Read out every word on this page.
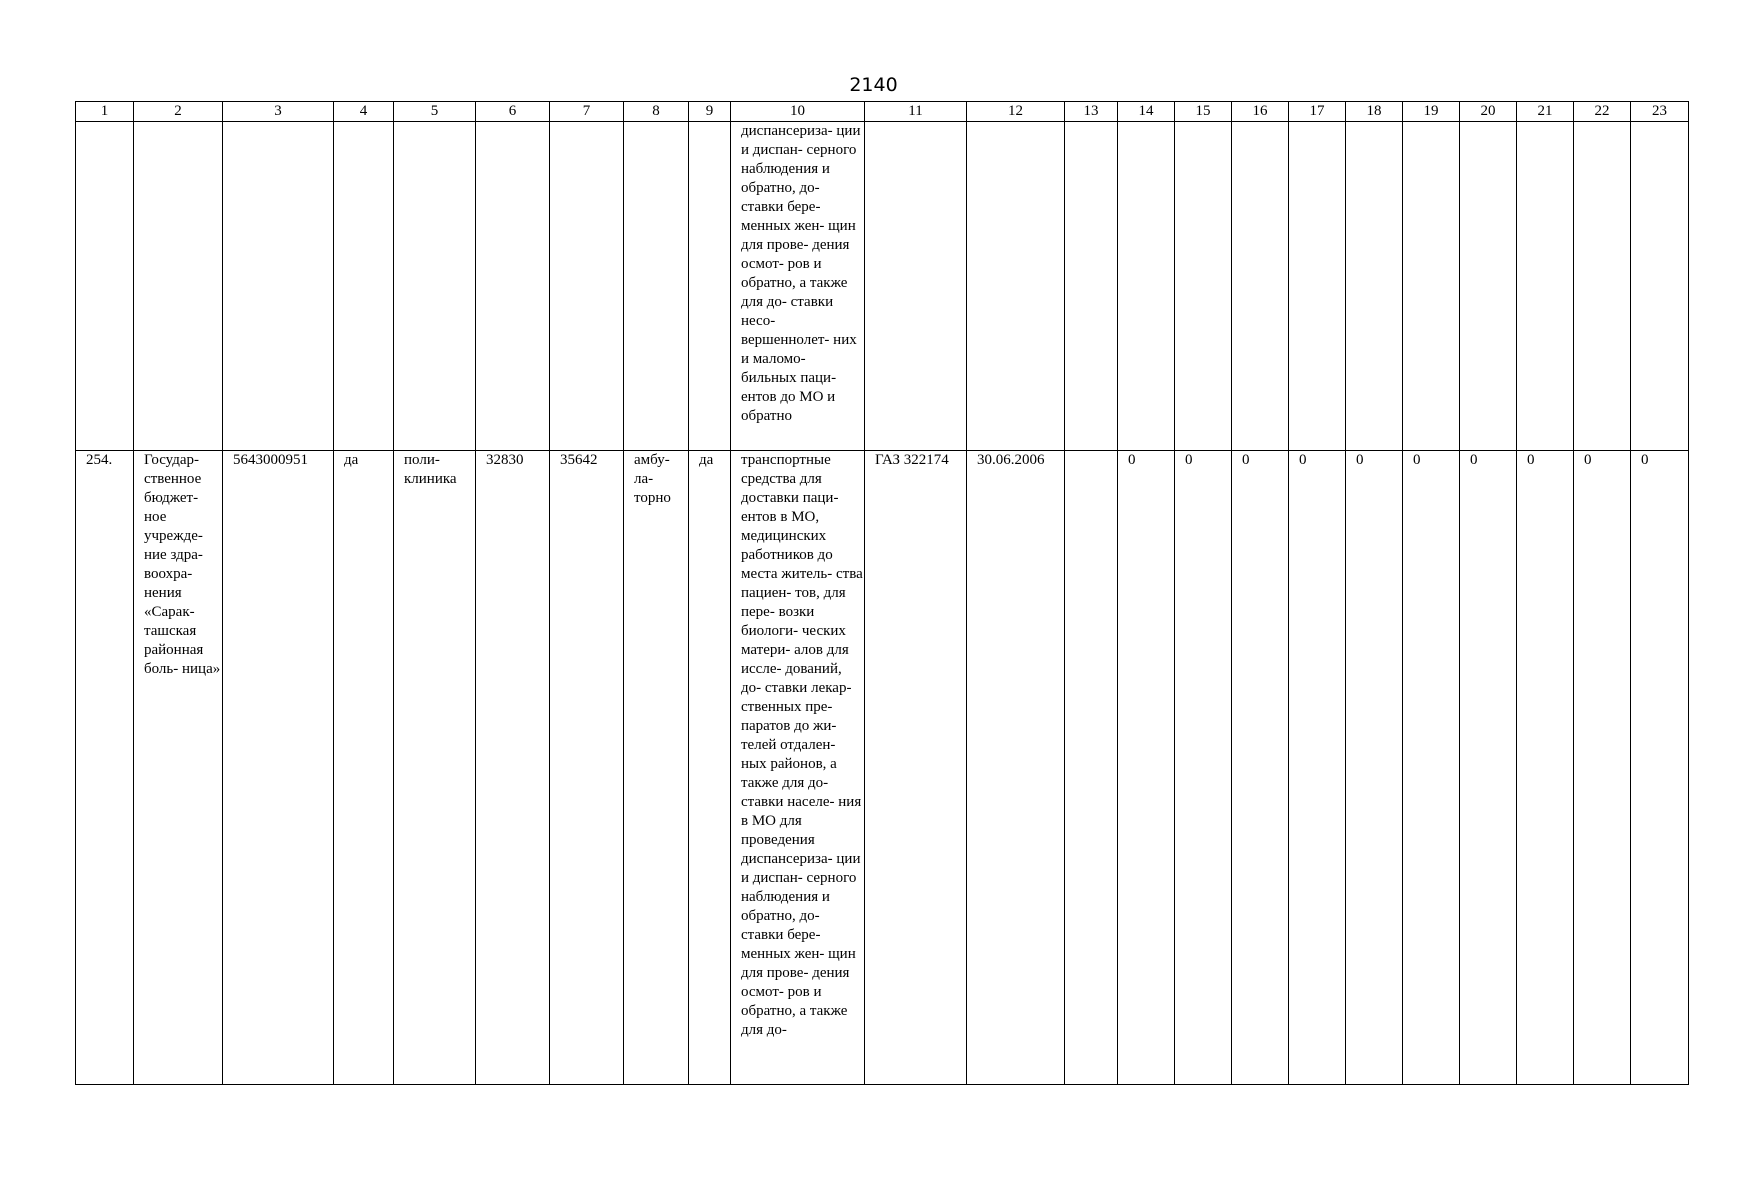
2140
1	2	3	4	5	6	7	8	9	10	11	12	13	14	15	16	17	18	19	20	21	22	23
									диспансериза- ции и диспан- серного наблюдения и обратно, до- ставки бере- менных жен- щин для прове- дения осмот- ров и обратно, а также для до- ставки несо- вершеннолет- них и маломо- бильных паци- ентов до МО и обратно													
254.	Государ- ственное бюджет- ное учрежде- ние здра- воохра- нения «Сарак- ташская районная боль- ница»	5643000951	да	поли- клиника	32830	35642	амбу- ла- торно	да	транспортные средства для доставки паци- ентов в МО, медицинских работников до места житель- ства пациен- тов, для пере- возки биологи- ческих матери- алов для иссле- дований, до- ставки лекар- ственных пре- паратов до жи- телей отдален- ных районов, а также для до- ставки населе- ния в МО для проведения диспансериза- ции и диспан- серного наблюдения и обратно, до- ставки бере- менных жен- щин для прове- дения осмот- ров и обратно, а также для до-	ГАЗ 322174	30.06.2006		0	0	0	0	0	0	0	0	0	0
